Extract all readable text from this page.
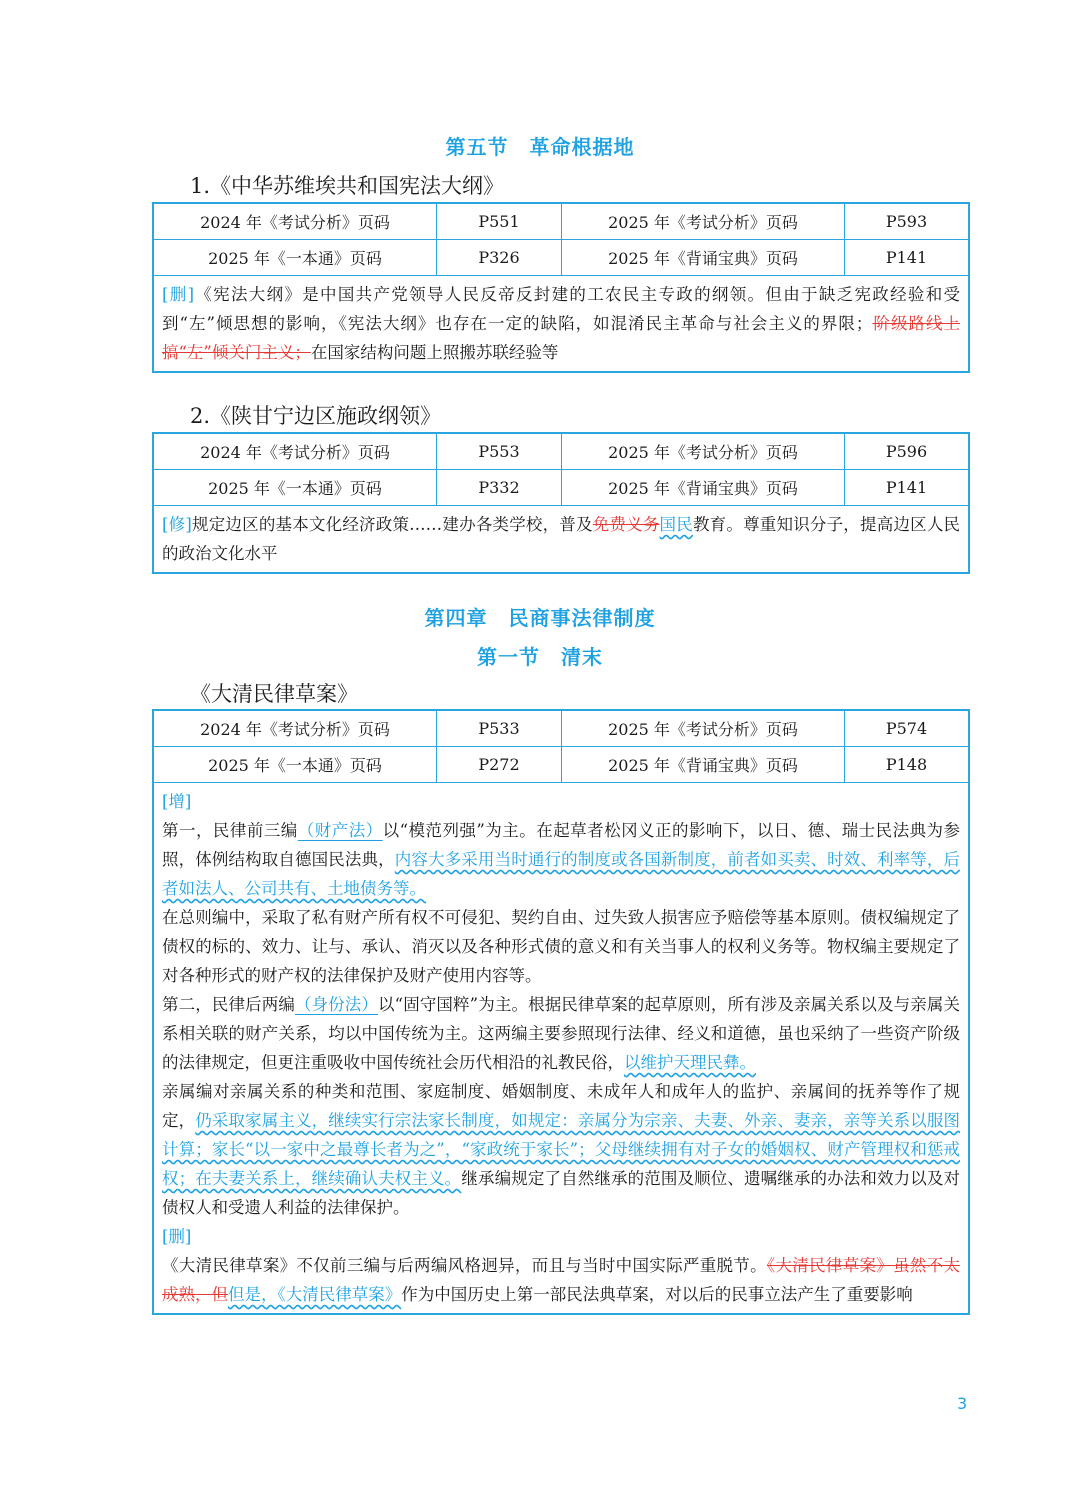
第五节　革命根据地
1.《中华苏维埃共和国宪法大纲》
2024 年《考试分析》页码	P551	2025 年《考试分析》页码	P593
2025 年《一本通》页码	P326	2025 年《背诵宝典》页码	P141
[删]《宪法大纲》是中国共产党领导人民反帝反封建的工农民主专政的纲领。但由于缺乏宪政经验和受到“左”倾思想的影响，《宪法大纲》也存在一定的缺陷，如混淆民主革命与社会主义的界限；阶级路线上搞“左”倾关门主义；在国家结构问题上照搬苏联经验等
2.《陕甘宁边区施政纲领》
2024 年《考试分析》页码	P553	2025 年《考试分析》页码	P596
2025 年《一本通》页码	P332	2025 年《背诵宝典》页码	P141
[修]规定边区的基本文化经济政策……建办各类学校，普及免费义务国民教育。尊重知识分子，提高边区人民的政治文化水平
第四章　民商事法律制度
第一节　清末
《大清民律草案》
2024 年《考试分析》页码	P533	2025 年《考试分析》页码	P574
2025 年《一本通》页码	P272	2025 年《背诵宝典》页码	P148
[增]
第一，民律前三编（财产法）以“模范列强”为主。在起草者松冈义正的影响下，以日、德、瑞士民法典为参照，体例结构取自德国民法典，内容大多采用当时通行的制度或各国新制度，前者如买卖、时效、利率等，后者如法人、公司共有、土地债务等。
在总则编中，采取了私有财产所有权不可侵犯、契约自由、过失致人损害应予赔偿等基本原则。债权编规定了债权的标的、效力、让与、承认、消灭以及各种形式债的意义和有关当事人的权利义务等。物权编主要规定了对各种形式的财产权的法律保护及财产使用内容等。
第二，民律后两编（身份法）以“固守国粹”为主。根据民律草案的起草原则，所有涉及亲属关系以及与亲属关系相关联的财产关系，均以中国传统为主。这两编主要参照现行法律、经义和道德，虽也采纳了一些资产阶级的法律规定，但更注重吸收中国传统社会历代相沿的礼教民俗，以维护天理民彝。
亲属编对亲属关系的种类和范围、家庭制度、婚姻制度、未成年人和成年人的监护、亲属间的抚养等作了规定，仍采取家属主义，继续实行宗法家长制度，如规定：亲属分为宗亲、夫妻、外亲、妻亲，亲等关系以服图计算；家长“以一家中之最尊长者为之”，“家政统于家长”；父母继续拥有对子女的婚姻权、财产管理权和惩戒权；在夫妻关系上，继续确认夫权主义。继承编规定了自然继承的范围及顺位、遗嘱继承的办法和效力以及对债权人和受遗人利益的法律保护。
[删]
《大清民律草案》不仅前三编与后两编风格迥异，而且与当时中国实际严重脱节。《大清民律草案》虽然不太成熟，但但是，《大清民律草案》作为中国历史上第一部民法典草案，对以后的民事立法产生了重要影响
3
